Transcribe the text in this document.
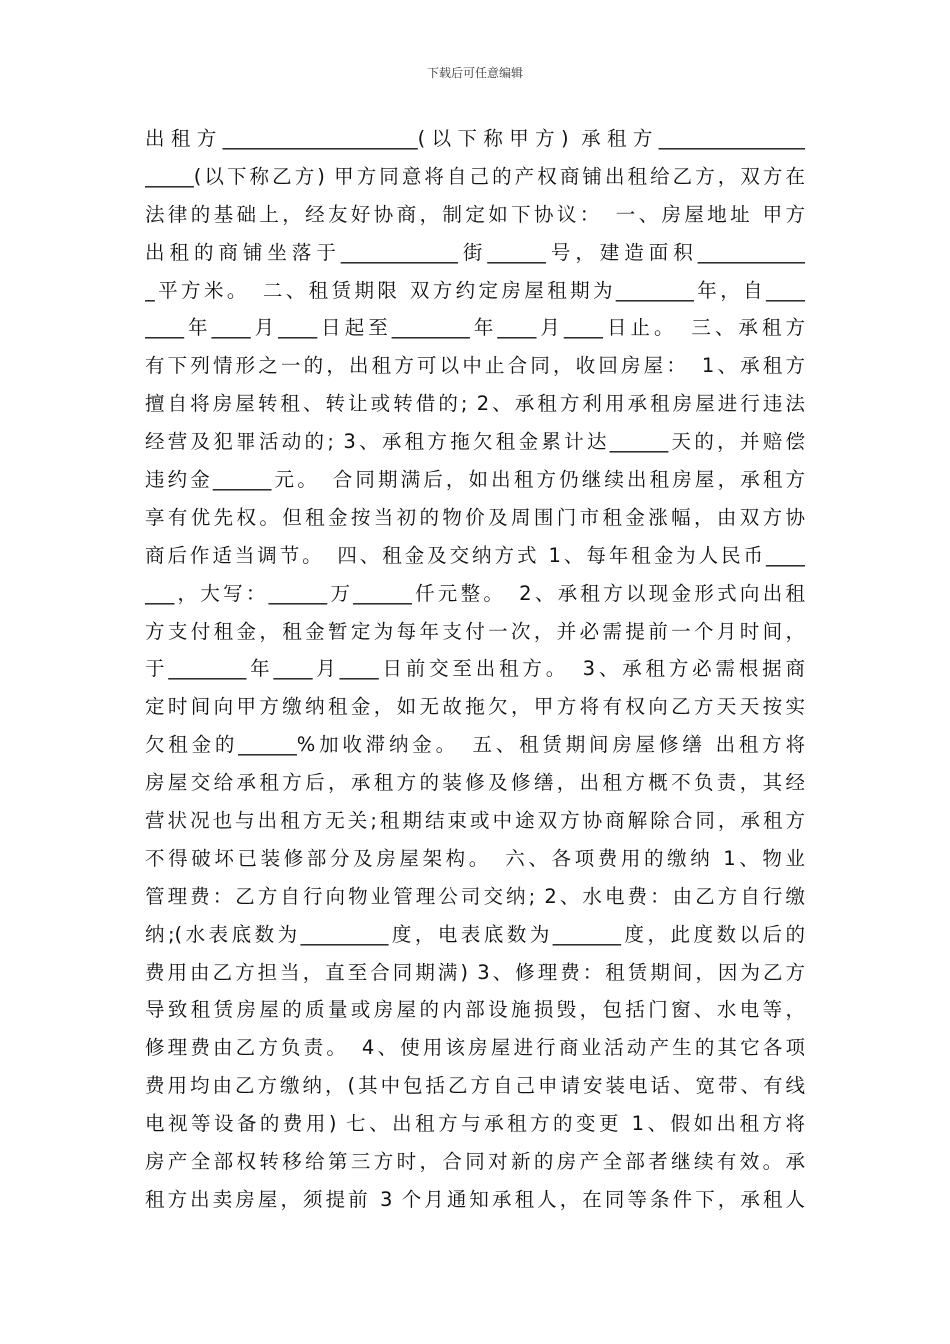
下载后可任意编辑
出租方____________________(以下称甲方) 承租方_______________
_____(以下称乙方) 甲方同意将自己的产权商铺出租给乙方，双方在
法律的基础上，经友好协商，制定如下协议：　一、房屋地址 甲方
出租的商铺坐落于____________街______号，建造面积___________
_平方米。　二、租赁期限 双方约定房屋租期为________年，自____
____年____月____日起至________年____月____日止。　三、承租方
有下列情形之一的，出租方可以中止合同，收回房屋：　1、承租方
擅自将房屋转租、转让或转借的; 2、承租方利用承租房屋进行违法
经营及犯罪活动的; 3、承租方拖欠租金累计达______天的，并赔偿
违约金______元。　合同期满后，如出租方仍继续出租房屋，承租方
享有优先权。但租金按当初的物价及周围门市租金涨幅，由双方协
商后作适当调节。　四、租金及交纳方式 1、每年租金为人民币____
___，大写：______万______仟元整。　2、承租方以现金形式向出租
方支付租金，租金暂定为每年支付一次，并必需提前一个月时间，
于________年____月____日前交至出租方。　3、承租方必需根据商
定时间向甲方缴纳租金，如无故拖欠，甲方将有权向乙方天天按实
欠租金的______%加收滞纳金。　五、租赁期间房屋修缮 出租方将
房屋交给承租方后，承租方的装修及修缮，出租方概不负责，其经
营状况也与出租方无关;租期结束或中途双方协商解除合同，承租方
不得破坏已装修部分及房屋架构。　六、各项费用的缴纳 1、物业
管理费：乙方自行向物业管理公司交纳; 2、水电费：由乙方自行缴
纳;(水表底数为_________度，电表底数为_______度，此度数以后的
费用由乙方担当，直至合同期满) 3、修理费：租赁期间，因为乙方
导致租赁房屋的质量或房屋的内部设施损毁，包括门窗、水电等，
修理费由乙方负责。　4、使用该房屋进行商业活动产生的其它各项
费用均由乙方缴纳，(其中包括乙方自己申请安装电话、宽带、有线
电视等设备的费用) 七、出租方与承租方的变更 1、假如出租方将
房产全部权转移给第三方时，合同对新的房产全部者继续有效。承
租方出卖房屋，须提前 3 个月通知承租人，在同等条件下，承租人
